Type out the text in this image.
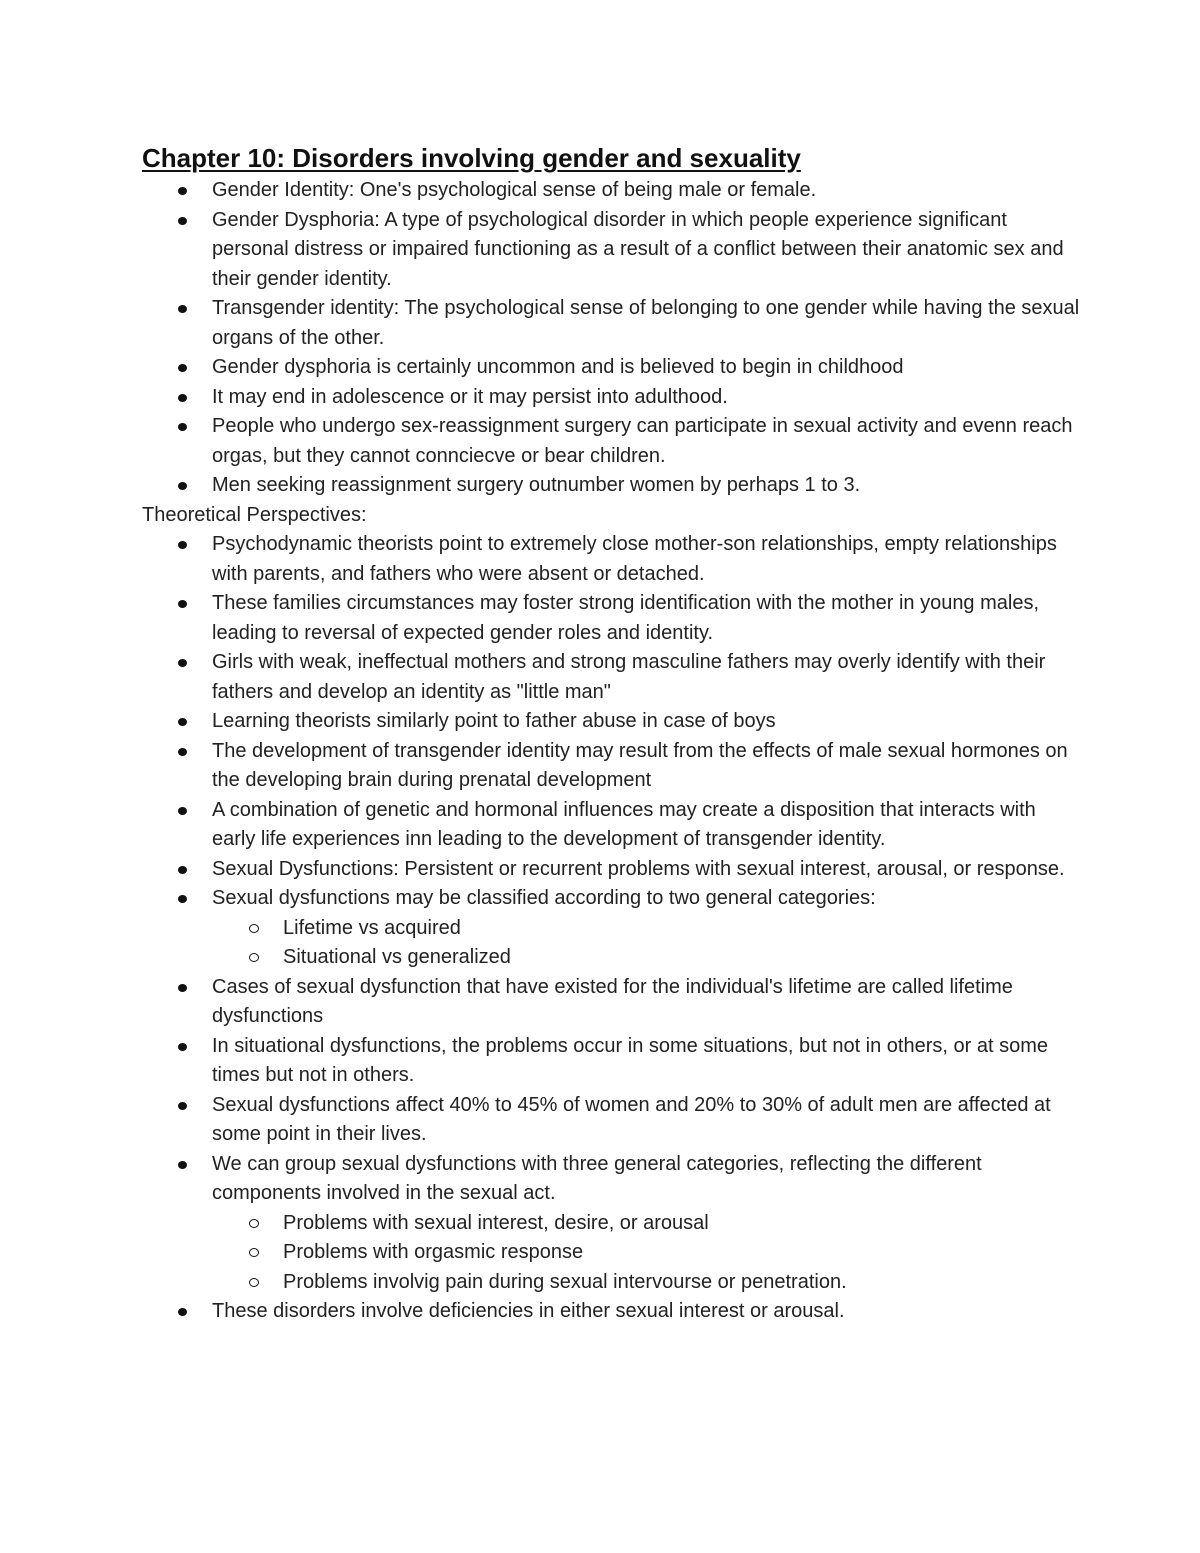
Chapter 10: Disorders involving gender and sexuality
Gender Identity: One's psychological sense of being male or female.
Gender Dysphoria: A type of psychological disorder in which people experience significant personal distress or impaired functioning as a result of a conflict between their anatomic sex and their gender identity.
Transgender identity: The psychological sense of belonging to one gender while having the sexual organs of the other.
Gender dysphoria is certainly uncommon and is believed to begin in childhood
It may end in adolescence or it may persist into adulthood.
People who undergo sex-reassignment surgery can participate in sexual activity and evenn reach orgas, but they cannot connciecve or bear children.
Men seeking reassignment surgery outnumber women by perhaps 1 to 3.
Theoretical Perspectives:
Psychodynamic theorists point to extremely close mother-son relationships, empty relationships with parents, and fathers who were absent or detached.
These families circumstances may foster strong identification with the mother in young males, leading to reversal of expected gender roles and identity.
Girls with weak, ineffectual mothers and strong masculine fathers may overly identify with their fathers and develop an identity as "little man"
Learning theorists similarly point to father abuse in case of boys
The development of transgender identity may result from the effects of male sexual hormones on the developing brain during prenatal development
A combination of genetic and hormonal influences may create a disposition that interacts with early life experiences inn leading to the development of transgender identity.
Sexual Dysfunctions: Persistent or recurrent problems with sexual interest, arousal, or response.
Sexual dysfunctions may be classified according to two general categories:
Lifetime vs acquired
Situational vs generalized
Cases of sexual dysfunction that have existed for the individual's lifetime are called lifetime dysfunctions
In situational dysfunctions, the problems occur in some situations, but not in others, or at some times but not in others.
Sexual dysfunctions affect 40% to 45% of women and 20% to 30% of adult men are affected at some point in their lives.
We can group sexual dysfunctions with three general categories, reflecting the different components involved in the sexual act.
Problems with sexual interest, desire, or arousal
Problems with orgasmic response
Problems involvig pain during sexual intervourse or penetration.
These disorders involve deficiencies in either sexual interest or arousal.
